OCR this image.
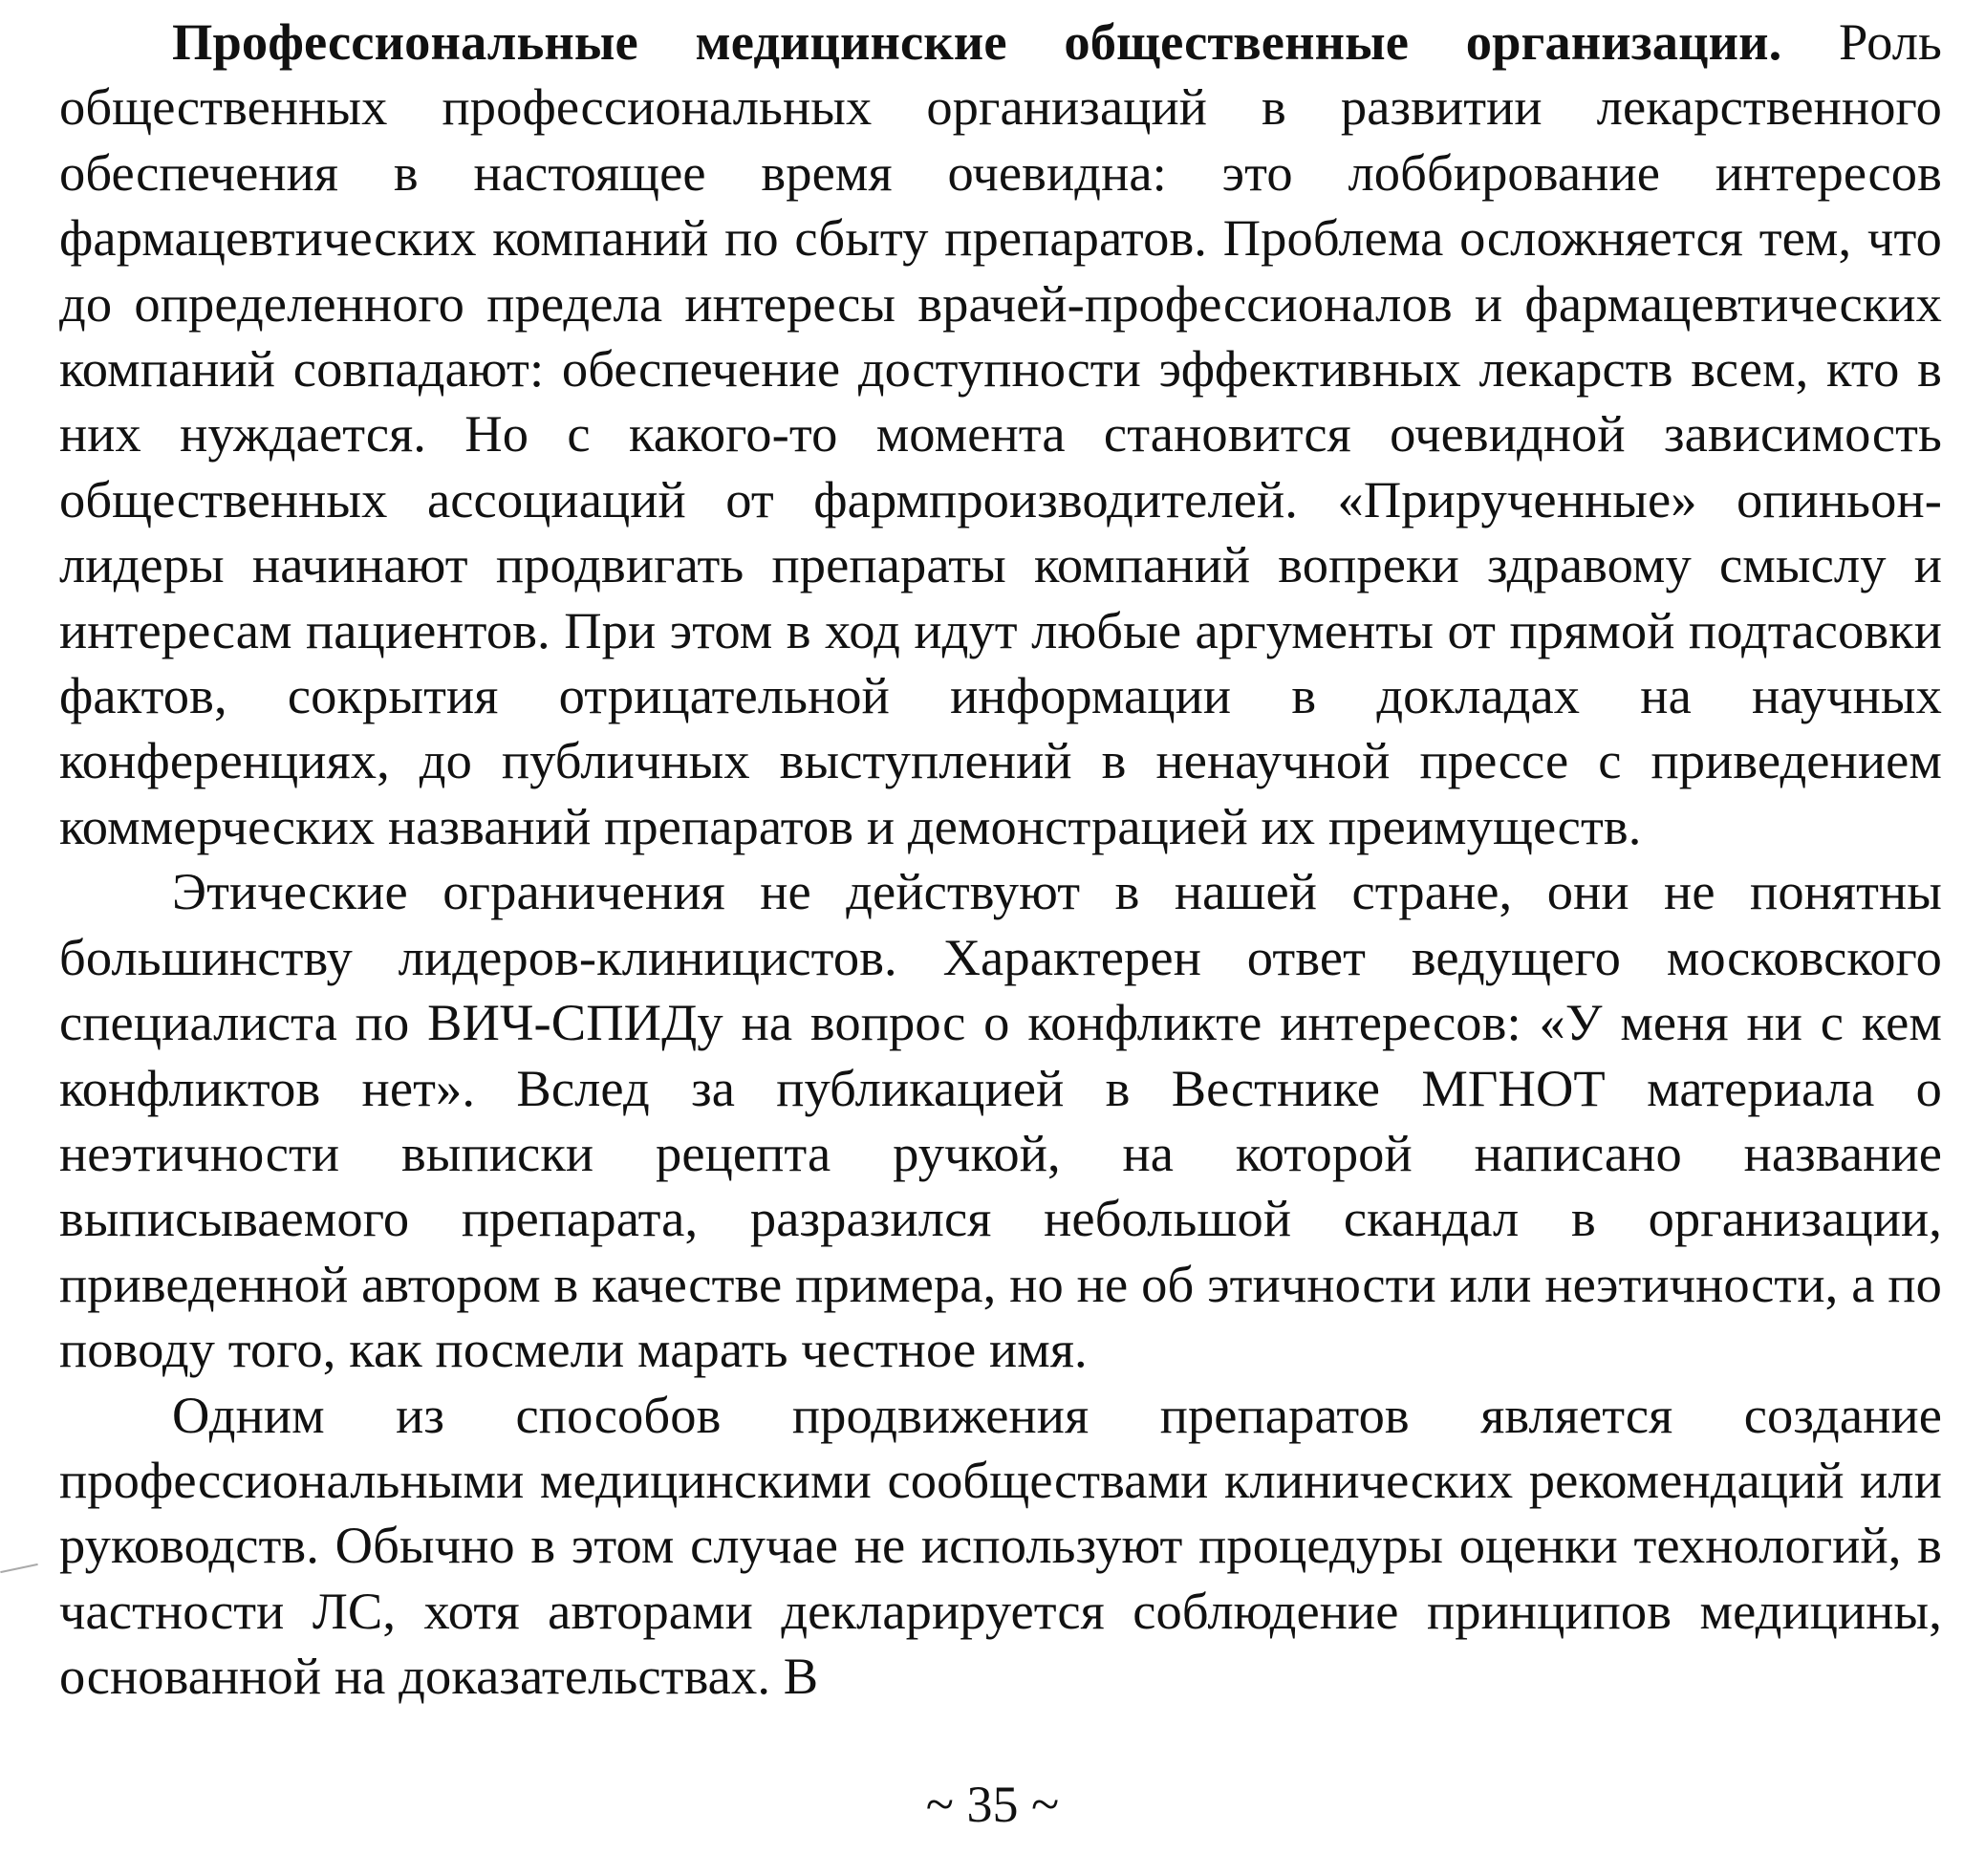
Профессиональные медицинские общественные организации. Роль общественных профессиональных организаций в развитии лекарственного обеспечения в настоящее время очевидна: это лоббирование интересов фармацевтических компаний по сбыту препаратов. Проблема осложняется тем, что до определенного предела интересы врачей-профессионалов и фармацевтических компаний совпадают: обеспечение доступности эффективных лекарств всем, кто в них нуждается. Но с какого-то момента становится очевидной зависимость общественных ассоциаций от фармпроизводителей. «Прирученные» опиньон-лидеры начинают продвигать препараты компаний вопреки здравому смыслу и интересам пациентов. При этом в ход идут любые аргументы от прямой подтасовки фактов, сокрытия отрицательной информации в докладах на научных конференциях, до публичных выступлений в ненаучной прессе с приведением коммерческих названий препаратов и демонстрацией их преимуществ.

Этические ограничения не действуют в нашей стране, они не понятны большинству лидеров-клиницистов. Характерен ответ ведущего московского специалиста по ВИЧ-СПИДу на вопрос о конфликте интересов: «У меня ни с кем конфликтов нет». Вслед за публикацией в Вестнике МГНОТ материала о неэтичности выписки рецепта ручкой, на которой написано название выписываемого препарата, разразился небольшой скандал в организации, приведенной автором в качестве примера, но не об этичности или неэтичности, а по поводу того, как посмели марать честное имя.

Одним из способов продвижения препаратов является создание профессиональными медицинскими сообществами клинических рекомендаций или руководств. Обычно в этом случае не используют процедуры оценки технологий, в частности ЛС, хотя авторами декларируется соблюдение принципов медицины, основанной на доказательствах. В

~ 35 ~
